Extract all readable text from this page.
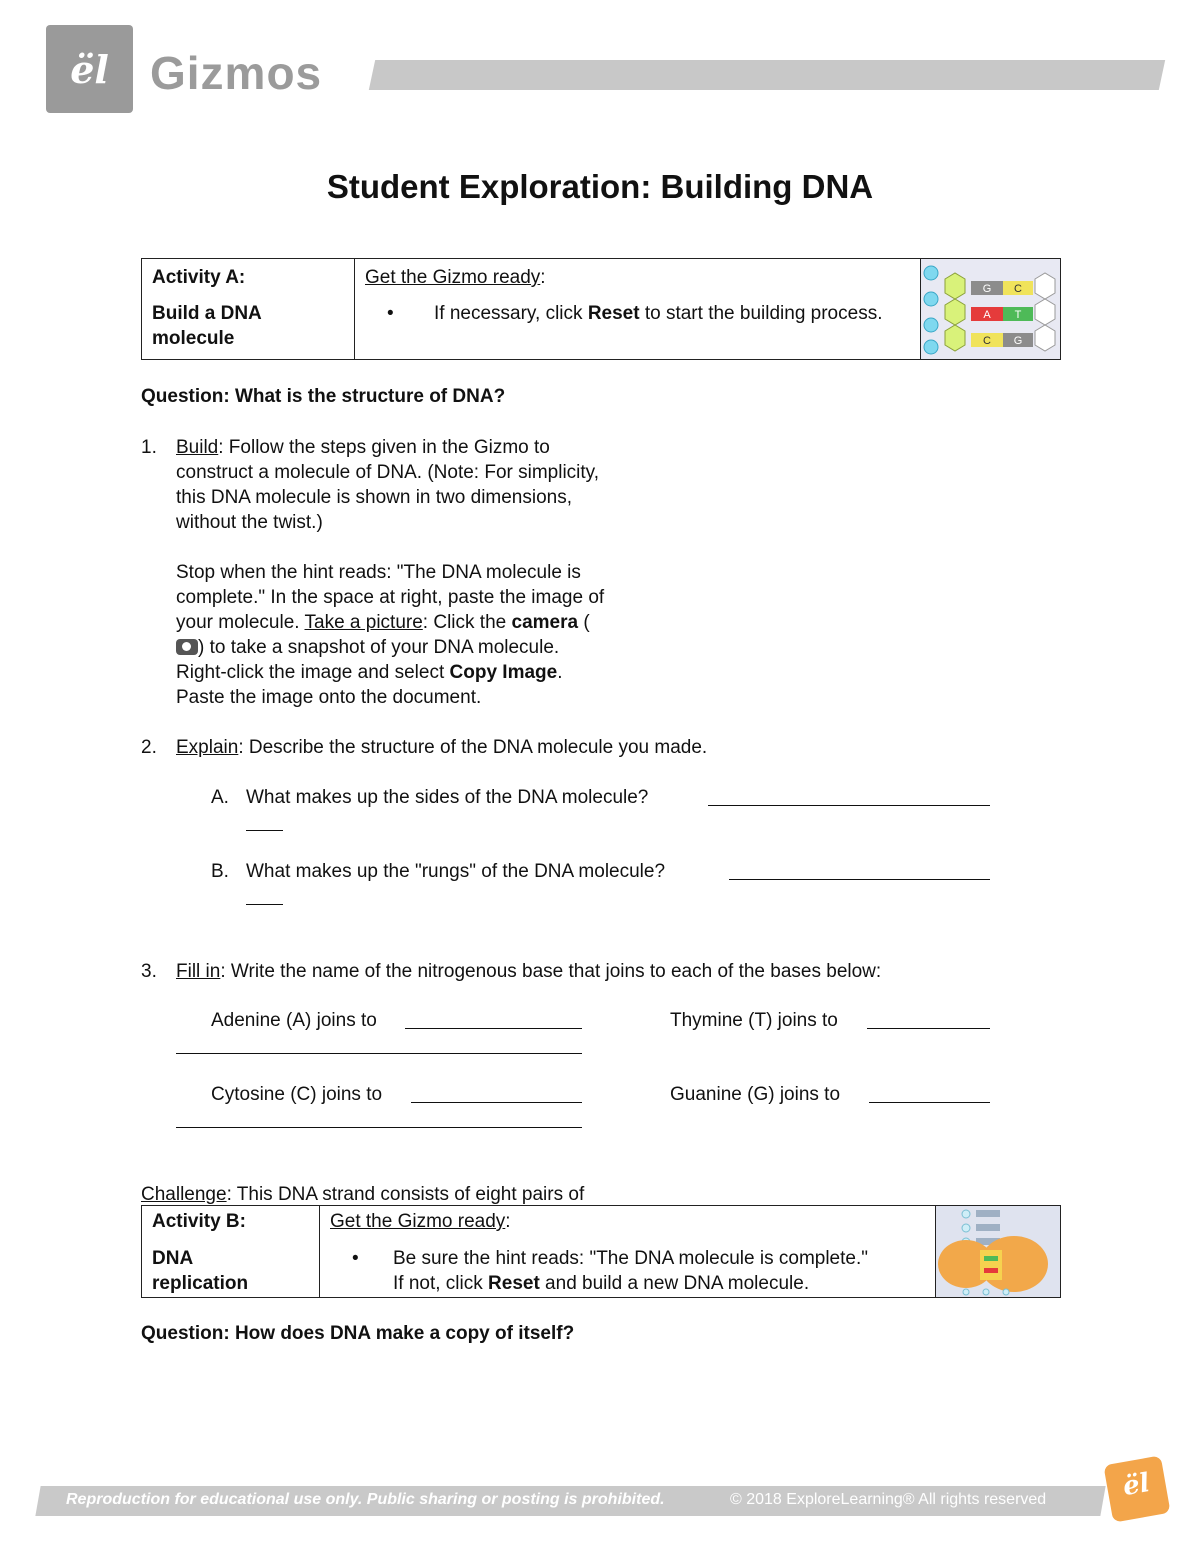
ël Gizmos
Student Exploration: Building DNA
Activity A:
Build a DNA molecule
Get the Gizmo ready:
•	If necessary, click Reset to start the building process.
G C
A T
C G
Question: What is the structure of DNA?
1. Build: Follow the steps given in the Gizmo to
construct a molecule of DNA. (Note: For simplicity,
this DNA molecule is shown in two dimensions,
without the twist.)
Stop when the hint reads: "The DNA molecule is
complete." In the space at right, paste the image of
your molecule. Take a picture: Click the camera (
) to take a snapshot of your DNA molecule.
Right-click the image and select Copy Image.
Paste the image onto the document.
2. Explain: Describe the structure of the DNA molecule you made.
A. What makes up the sides of the DNA molecule?
B. What makes up the "rungs" of the DNA molecule?
3. Fill in: Write the name of the nitrogenous base that joins to each of the bases below:
Adenine (A) joins to	Thymine (T) joins to
Cytosine (C) joins to	Guanine (G) joins to
Challenge: This DNA strand consists of eight pairs of
Activity B:
DNA
replication
Get the Gizmo ready:
•	Be sure the hint reads: "The DNA molecule is complete."
If not, click Reset and build a new DNA molecule.
Question: How does DNA make a copy of itself?
Reproduction for educational use only. Public sharing or posting is prohibited.	© 2018 ExploreLearning® All rights reserved	ël
